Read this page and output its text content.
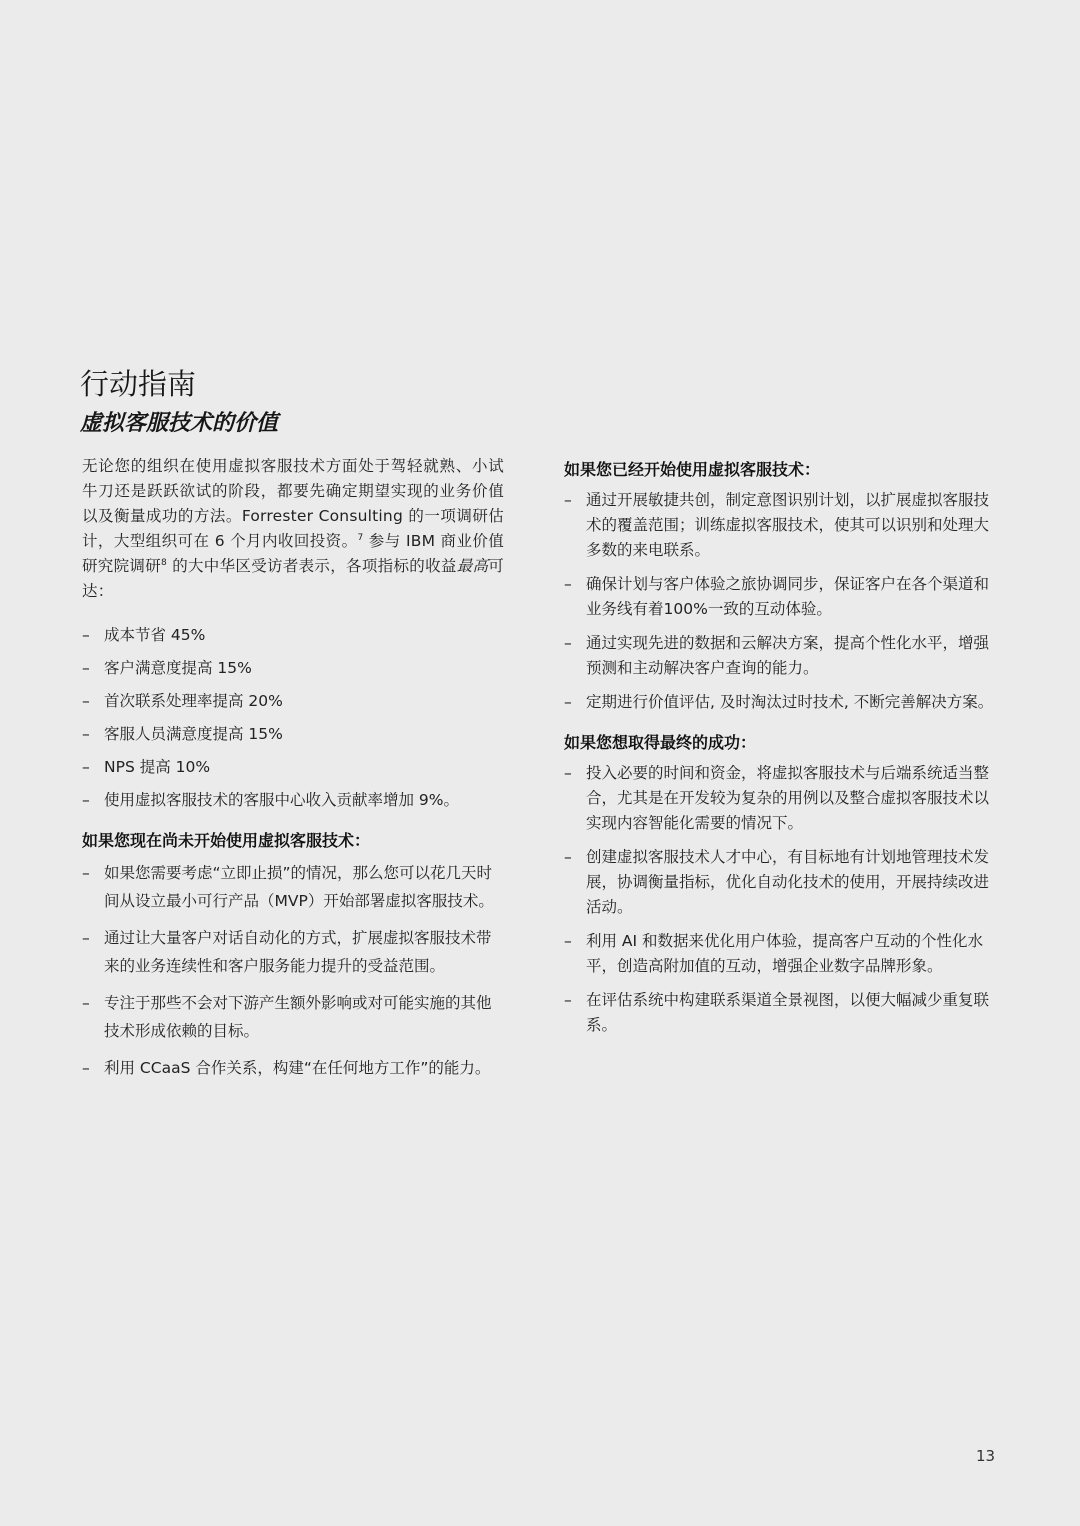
行动指南
虚拟客服技术的价值

无论您的组织在使用虚拟客服技术方面处于驾轻就熟、小试牛刀还是跃跃欲试的阶段，都要先确定期望实现的业务价值以及衡量成功的方法。Forrester Consulting 的一项调研估计，大型组织可在 6 个月内收回投资。$^7$ 参与 IBM 商业价值研究院调研$^8$ 的大中华区受访者表示，各项指标的收益最高可达：

– 成本节省 45%
– 客户满意度提高 15%
– 首次联系处理率提高 20%
– 客服人员满意度提高 15%
– NPS 提高 10%
– 使用虚拟客服技术的客服中心收入贡献率增加 9%。
如果您现在尚未开始使用虚拟客服技术：
– 如果您需要考虑“立即止损”的情况，那么您可以花几天时间从设立最小可行产品（MVP）开始部署虚拟客服技术。
– 通过让大量客户对话自动化的方式，扩展虚拟客服技术带来的业务连续性和客户服务能力提升的受益范围。
– 专注于那些不会对下游产生额外影响或对可能实施的其他技术形成依赖的目标。
– 利用 CCaaS 合作关系，构建“在任何地方工作”的能力。
如果您已经开始使用虚拟客服技术：
– 通过开展敏捷共创，制定意图识别计划，以扩展虚拟客服技术的覆盖范围；训练虚拟客服技术，使其可以识别和处理大多数的来电联系。
– 确保计划与客户体验之旅协调同步，保证客户在各个渠道和业务线有着100%一致的互动体验。
– 通过实现先进的数据和云解决方案，提高个性化水平，增强预测和主动解决客户查询的能力。
– 定期进行价值评估, 及时淘汰过时技术, 不断完善解决方案。
如果您想取得最终的成功：
– 投入必要的时间和资金，将虚拟客服技术与后端系统适当整合，尤其是在开发较为复杂的用例以及整合虚拟客服技术以实现内容智能化需要的情况下。
– 创建虚拟客服技术人才中心，有目标地有计划地管理技术发展，协调衡量指标，优化自动化技术的使用，开展持续改进活动。
– 利用 AI 和数据来优化用户体验，提高客户互动的个性化水平，创造高附加值的互动，增强企业数字品牌形象。
– 在评估系统中构建联系渠道全景视图，以便大幅减少重复联系。
13
